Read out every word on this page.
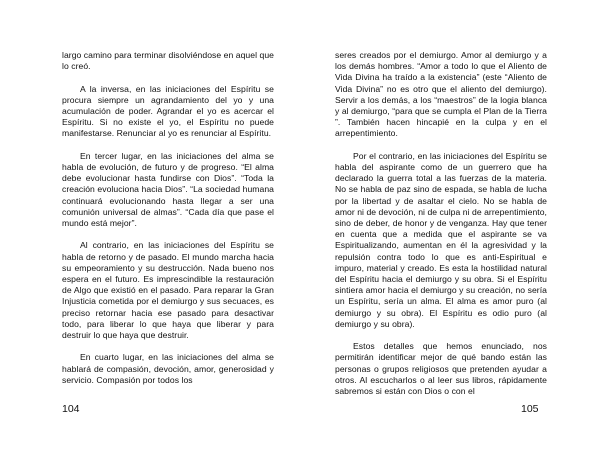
largo camino para terminar disolviéndose en aquel que lo creó.

A la inversa, en las iniciaciones del Espíritu se procura siempre un agrandamiento del yo y una acumulación de poder. Agrandar el yo es acercar el Espíritu. Si no existe el yo, el Espíritu no puede manifestarse. Renunciar al yo es renunciar al Espíritu.

En tercer lugar, en las iniciaciones del alma se habla de evolución, de futuro y de progreso. “El alma debe evolucionar hasta fundirse con Dios”. “Toda la creación evoluciona hacia Dios”. “La sociedad humana continuará evolucionando hasta llegar a ser una comunión universal de almas”. “Cada día que pase el mundo está mejor”.

Al contrario, en las iniciaciones del Espíritu se habla de retorno y de pasado. El mundo marcha hacia su empeoramiento y su destrucción. Nada bueno nos espera en el futuro. Es imprescindible la restauración de Algo que existió en el pasado. Para reparar la Gran Injusticia cometida por el demiurgo y sus secuaces, es preciso retornar hacia ese pasado para desactivar todo, para liberar lo que haya que liberar y para destruir lo que haya que destruir.

En cuarto lugar, en las iniciaciones del alma se hablará de compasión, devoción, amor, generosidad y servicio. Compasión por todos los

104

seres creados por el demiurgo. Amor al demiurgo y a los demás hombres. “Amor a todo lo que el Aliento de Vida Divina ha traído a la existencia” (este “Aliento de Vida Divina” no es otro que el aliento del demiurgo). Servir a los demás, a los “maestros” de la logia blanca y al demiurgo, “para que se cumpla el Plan de la Tierra ”. También hacen hincapié en la culpa y en el arrepentimiento.

Por el contrario, en las iniciaciones del Espíritu se habla del aspirante como de un guerrero que ha declarado la guerra total a las fuerzas de la materia. No se habla de paz sino de espada, se habla de lucha por la libertad y de asaltar el cielo. No se habla de amor ni de devoción, ni de culpa ni de arrepentimiento, sino de deber, de honor y de venganza. Hay que tener en cuenta que a medida que el aspirante se va Espiritualizando, aumentan en él la agresividad y la repulsión contra todo lo que es anti-Espiritual e impuro, material y creado. Es esta la hostilidad natural del Espíritu hacia el demiurgo y su obra. Si el Espíritu sintiera amor hacia el demiurgo y su creación, no sería un Espíritu, sería un alma. El alma es amor puro (al demiurgo y su obra). El Espíritu es odio puro (al demiurgo y su obra).

Estos detalles que hemos enunciado, nos permitirán identificar mejor de qué bando están las personas o grupos religiosos que pretenden ayudar a otros. Al escucharlos o al leer sus libros, rápidamente sabremos si están con Dios o con el

105
